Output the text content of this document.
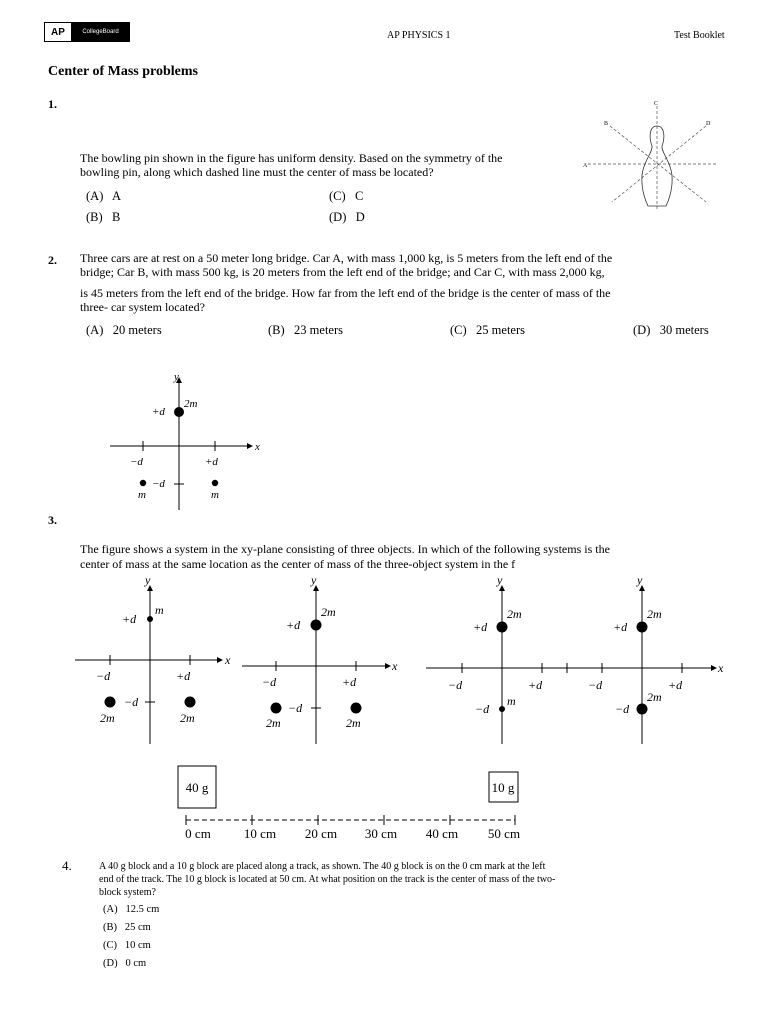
AP	CollegeBoard	AP PHYSICS 1	Test Booklet
Center of Mass problems
1.
The bowling pin shown in the figure has uniform density. Based on the symmetry of the
bowling pin, along which dashed line must the center of mass be located?
(A) A	(C) C
(B) B	(D) D
A
B
C
D
2. Three cars are at rest on a 50 meter long bridge. Car A, with mass 1,000 kg, is 5 meters from the left end of the
bridge; Car B, with mass 500 kg, is 20 meters from the left end of the bridge; and Car C, with mass 2,000 kg,
is 45 meters from the left end of the bridge. How far from the left end of the bridge is the center of mass of the
three- car system located?
(A) 20 meters	(B) 23 meters	(C) 25 meters	(D) 30 meters
x
y
2m
+d
−d	+d
−d
m	m
3.
The figure shows a system in the xy-plane consisting of three objects. In which of the following systems is the
center of mass at the same location as the center of mass of the three-object system in the f
x
y
m
+d
−d	+d
−d
2m	2m
x
y
2m
+d
−d	+d
−d
2m	2m
y
2m
+d
−d	+d
−d
m
x
y
2m
+d
−d	+d
−d
2m
40 g	10 g
0 cm	10 cm 20 cm 30 cm 40 cm 50 cm
4.	A 40 g block and a 10 g block are placed along a track, as shown. The 40 g block is on the 0 cm mark at the left
end of the track. The 10 g block is located at 50 cm. At what position on the track is the center of mass of the two-
block system?
(A) 12.5 cm
(B) 25 cm
(C) 10 cm
(D) 0 cm
